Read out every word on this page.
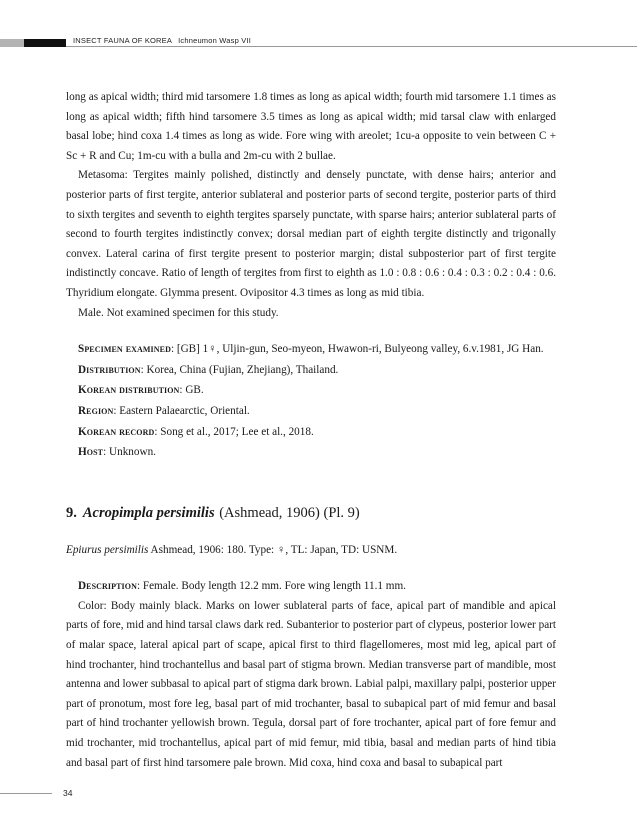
INSECT FAUNA OF KOREA Ichneumon Wasp VII

long as apical width; third mid tarsomere 1.8 times as long as apical width; fourth mid tarsomere 1.1 times as long as apical width; fifth hind tarsomere 3.5 times as long as apical width; mid tarsal claw with enlarged basal lobe; hind coxa 1.4 times as long as wide. Fore wing with areolet; 1cu-a opposite to vein between C + Sc + R and Cu; 1m-cu with a bulla and 2m-cu with 2 bullae.

Metasoma: Tergites mainly polished, distinctly and densely punctate, with dense hairs; anterior and posterior parts of first tergite, anterior sublateral and posterior parts of second tergite, posterior parts of third to sixth tergites and seventh to eighth tergites sparsely punctate, with sparse hairs; anterior sublateral parts of second to fourth tergites indistinctly convex; dorsal median part of eighth tergite distinctly and trigonally convex. Lateral carina of first tergite present to posterior margin; distal subposterior part of first tergite indistinctly concave. Ratio of length of tergites from first to eighth as 1.0 : 0.8 : 0.6 : 0.4 : 0.3 : 0.2 : 0.4 : 0.6. Thyridium elongate. Glymma present. Ovipositor 4.3 times as long as mid tibia.

Male. Not examined specimen for this study.

Specimen examined: [GB] 1♀, Uljin-gun, Seo-myeon, Hwawon-ri, Bulyeong valley, 6.v.1981, JG Han.

Distribution: Korea, China (Fujian, Zhejiang), Thailand.

Korean distribution: GB.

Region: Eastern Palaearctic, Oriental.

Korean record: Song et al., 2017; Lee et al., 2018.

Host: Unknown.

9. Acropimpla persimilis (Ashmead, 1906) (Pl. 9)

Epiurus persimilis Ashmead, 1906: 180. Type: ♀, TL: Japan, TD: USNM.

Description: Female. Body length 12.2 mm. Fore wing length 11.1 mm.

Color: Body mainly black. Marks on lower sublateral parts of face, apical part of mandible and apical parts of fore, mid and hind tarsal claws dark red. Subanterior to posterior part of clypeus, posterior lower part of malar space, lateral apical part of scape, apical first to third flagellomeres, most mid leg, apical part of hind trochanter, hind trochantellus and basal part of stigma brown. Median transverse part of mandible, most antenna and lower subbasal to apical part of stigma dark brown. Labial palpi, maxillary palpi, posterior upper part of pronotum, most fore leg, basal part of mid trochanter, basal to subapical part of mid femur and basal part of hind trochanter yellowish brown. Tegula, dorsal part of fore trochanter, apical part of fore femur and mid trochanter, mid trochantellus, apical part of mid femur, mid tibia, basal and median parts of hind tibia and basal part of first hind tarsomere pale brown. Mid coxa, hind coxa and basal to subapical part

34
